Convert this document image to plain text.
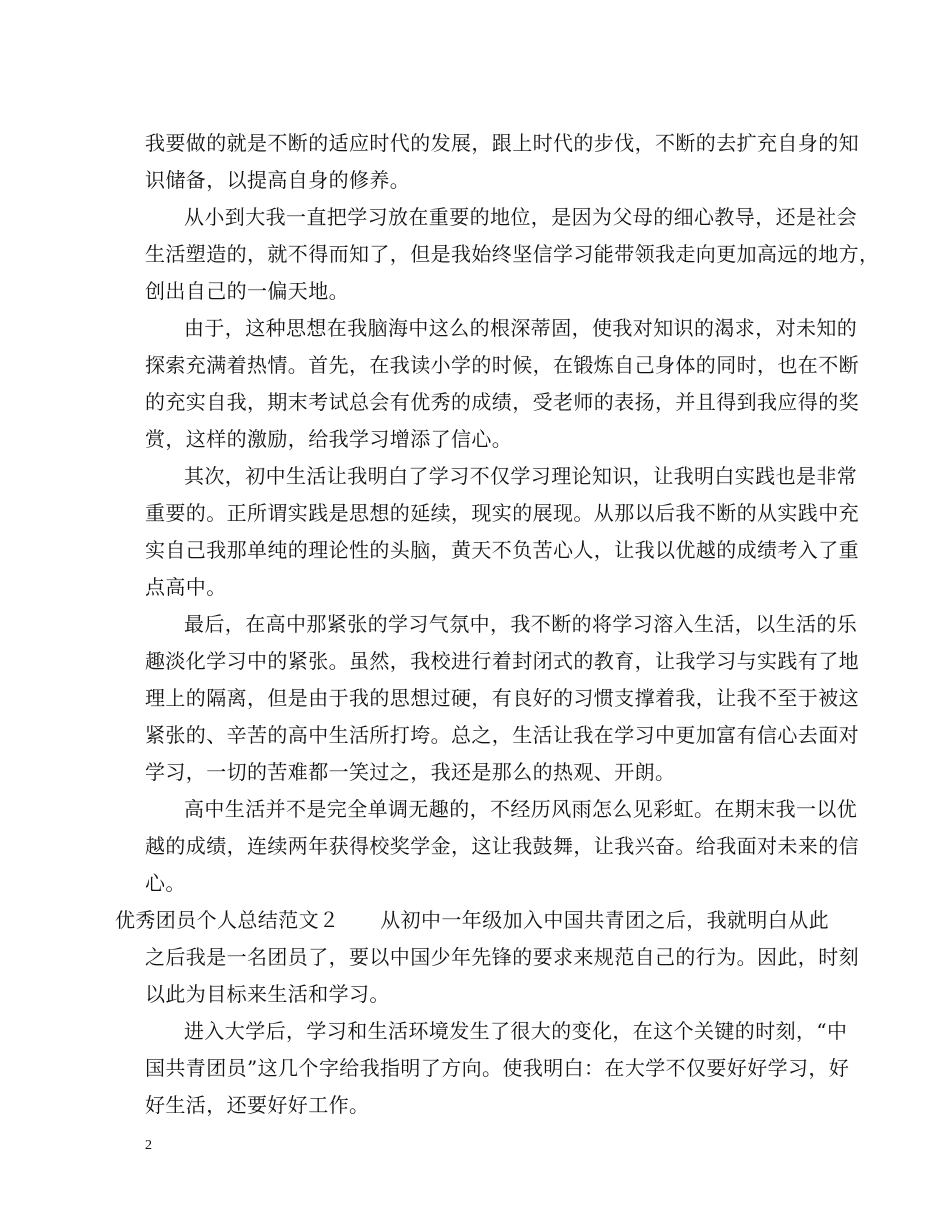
我要做的就是不断的适应时代的发展，跟上时代的步伐，不断的去扩充自身的知
识储备，以提高自身的修养。
从小到大我一直把学习放在重要的地位，是因为父母的细心教导，还是社会
生活塑造的，就不得而知了，但是我始终坚信学习能带领我走向更加高远的地方，
创出自己的一偏天地。
由于，这种思想在我脑海中这么的根深蒂固，使我对知识的渴求，对未知的
探索充满着热情。首先，在我读小学的时候，在锻炼自己身体的同时，也在不断
的充实自我，期末考试总会有优秀的成绩，受老师的表扬，并且得到我应得的奖
赏，这样的激励，给我学习增添了信心。
其次，初中生活让我明白了学习不仅学习理论知识，让我明白实践也是非常
重要的。正所谓实践是思想的延续，现实的展现。从那以后我不断的从实践中充
实自己我那单纯的理论性的头脑，黄天不负苦心人，让我以优越的成绩考入了重
点高中。
最后，在高中那紧张的学习气氛中，我不断的将学习溶入生活，以生活的乐
趣淡化学习中的紧张。虽然，我校进行着封闭式的教育，让我学习与实践有了地
理上的隔离，但是由于我的思想过硬，有良好的习惯支撑着我，让我不至于被这
紧张的、辛苦的高中生活所打垮。总之，生活让我在学习中更加富有信心去面对
学习，一切的苦难都一笑过之，我还是那么的热观、开朗。
高中生活并不是完全单调无趣的，不经历风雨怎么见彩虹。在期末我一以优
越的成绩，连续两年获得校奖学金，这让我鼓舞，让我兴奋。给我面对未来的信
心。
优秀团员个人总结范文２　　从初中一年级加入中国共青团之后，我就明白从此
之后我是一名团员了，要以中国少年先锋的要求来规范自己的行为。因此，时刻
以此为目标来生活和学习。
进入大学后，学习和生活环境发生了很大的变化，在这个关键的时刻，“中
国共青团员”这几个字给我指明了方向。使我明白：在大学不仅要好好学习，好
好生活，还要好好工作。
2
